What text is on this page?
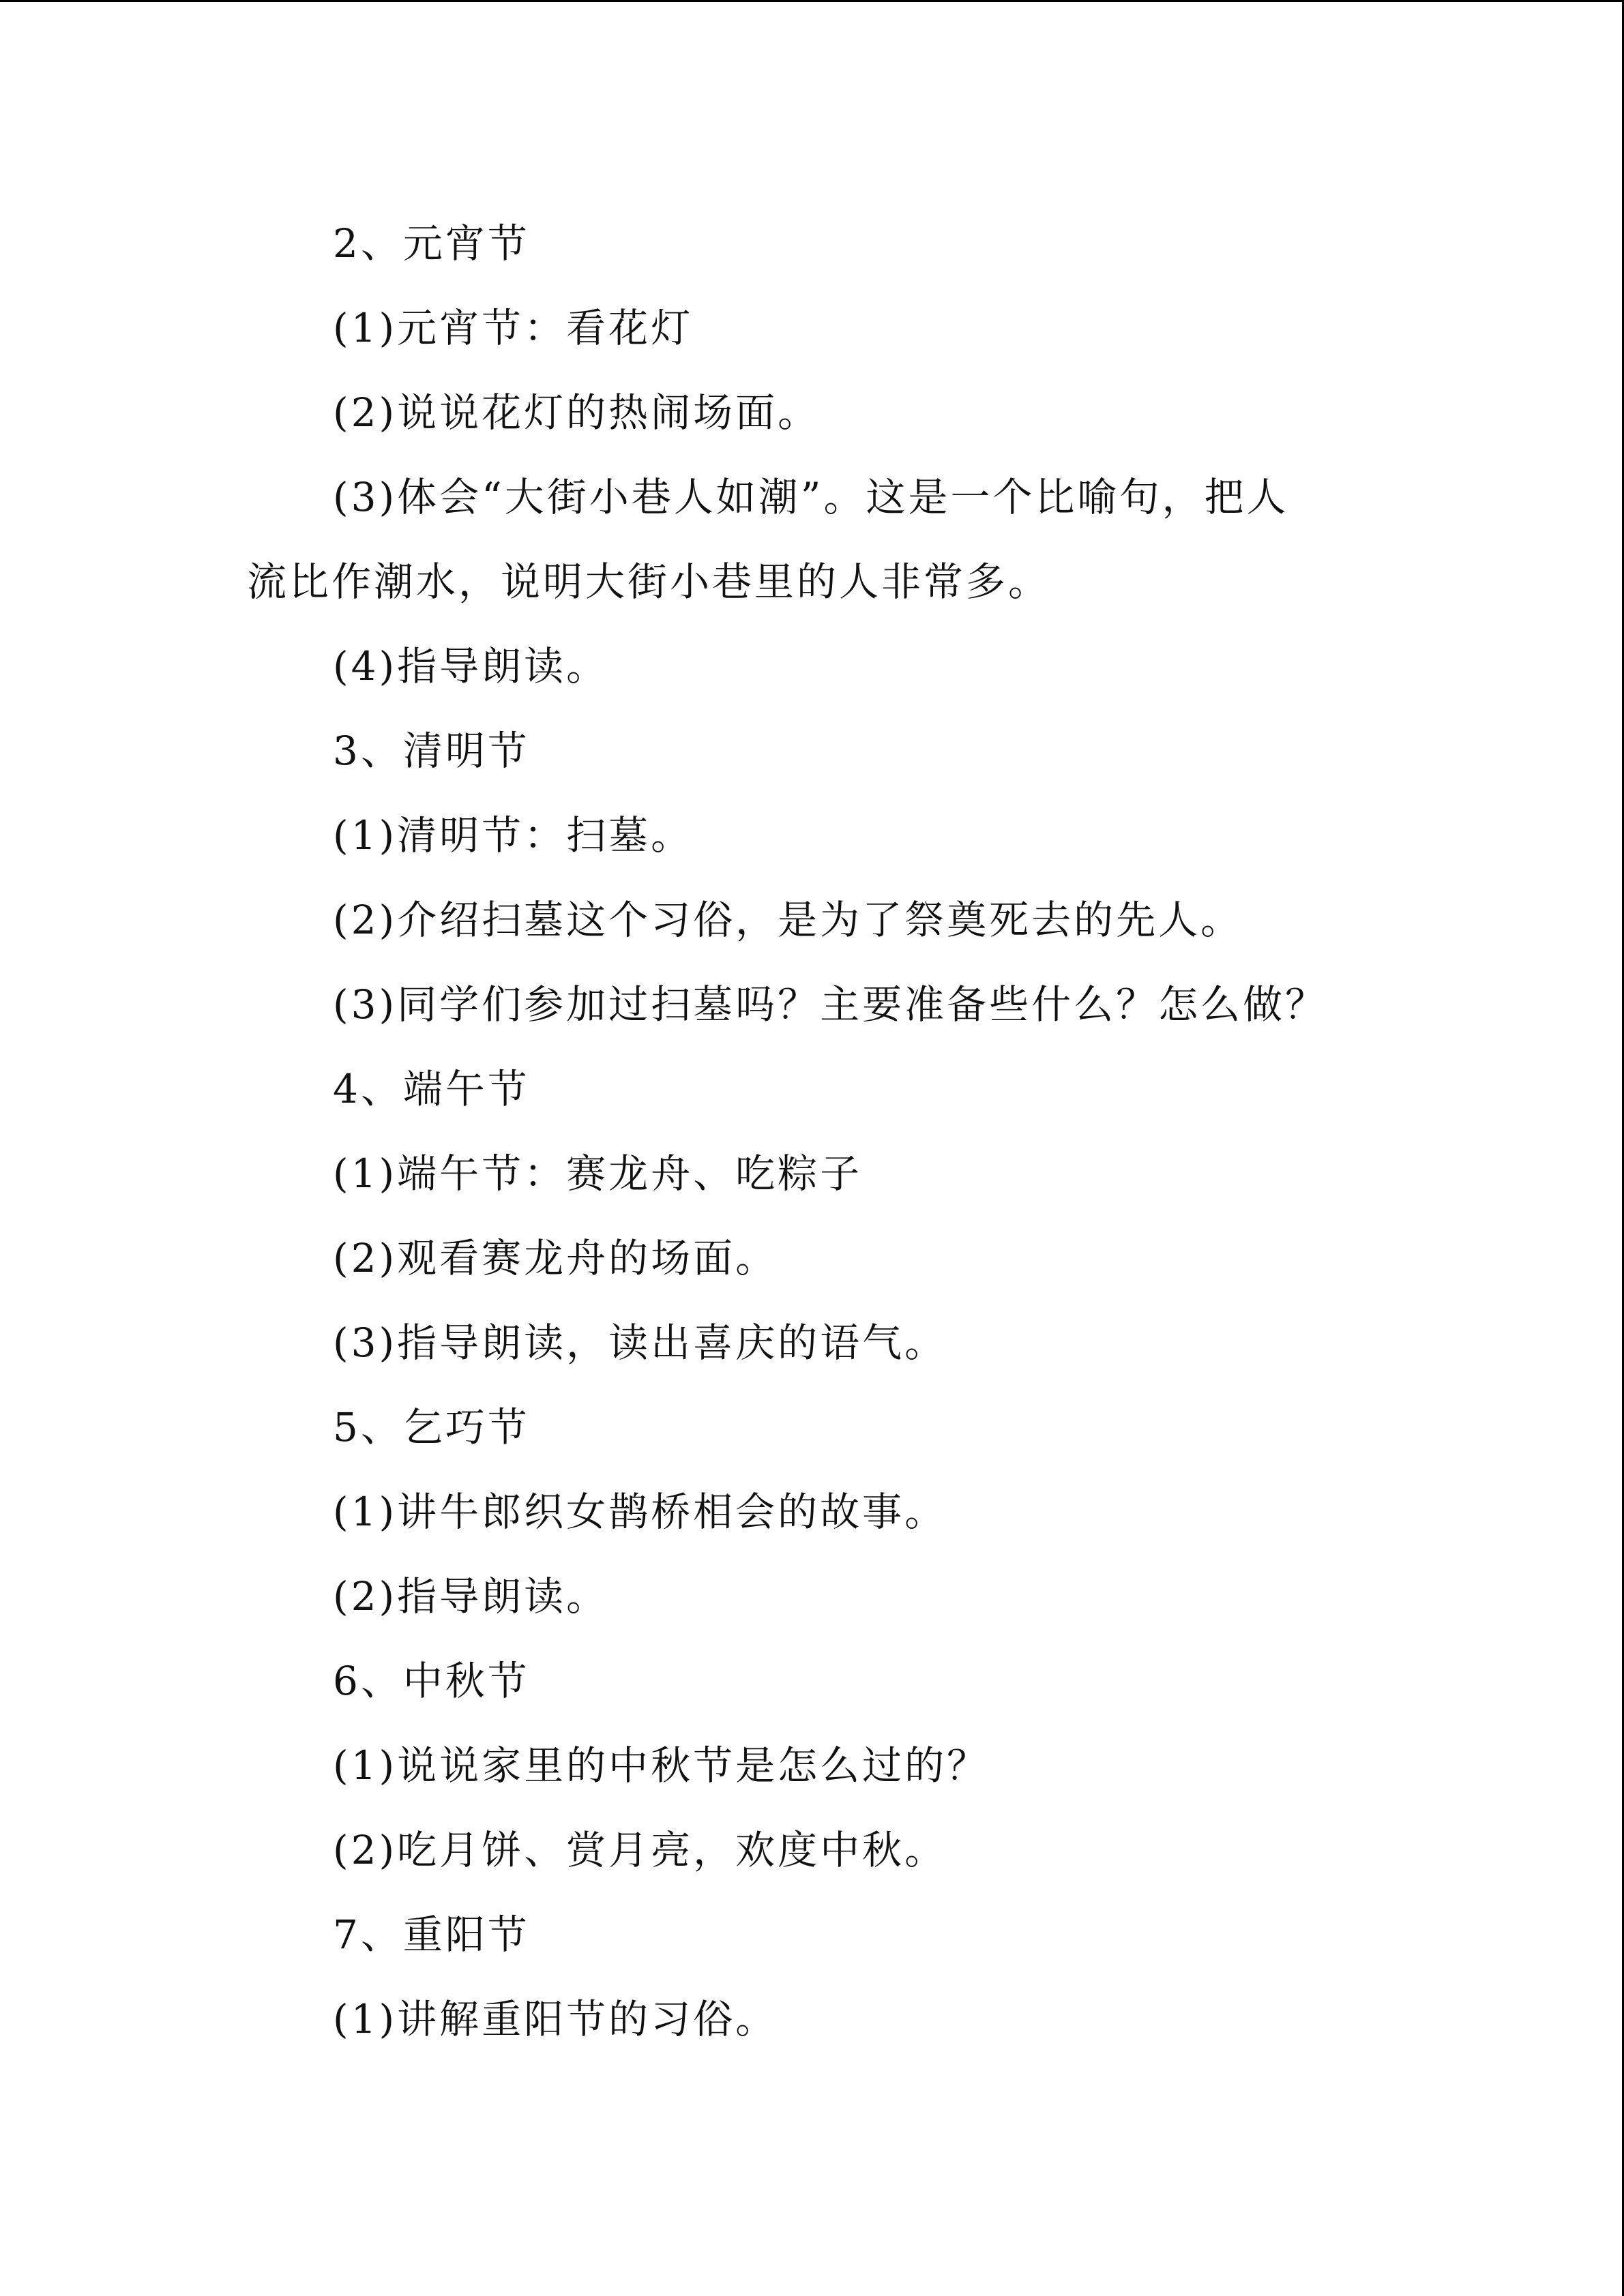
2、元宵节
(1)元宵节：看花灯
(2)说说花灯的热闹场面。
(3)体会“大街小巷人如潮”。这是一个比喻句，把人
流比作潮水，说明大街小巷里的人非常多。
(4)指导朗读。
3、清明节
(1)清明节：扫墓。
(2)介绍扫墓这个习俗，是为了祭奠死去的先人。
(3)同学们参加过扫墓吗？主要准备些什么？怎么做？
4、端午节
(1)端午节：赛龙舟、吃粽子
(2)观看赛龙舟的场面。
(3)指导朗读，读出喜庆的语气。
5、乞巧节
(1)讲牛郎织女鹊桥相会的故事。
(2)指导朗读。
6、中秋节
(1)说说家里的中秋节是怎么过的？
(2)吃月饼、赏月亮，欢度中秋。
7、重阳节
(1)讲解重阳节的习俗。
